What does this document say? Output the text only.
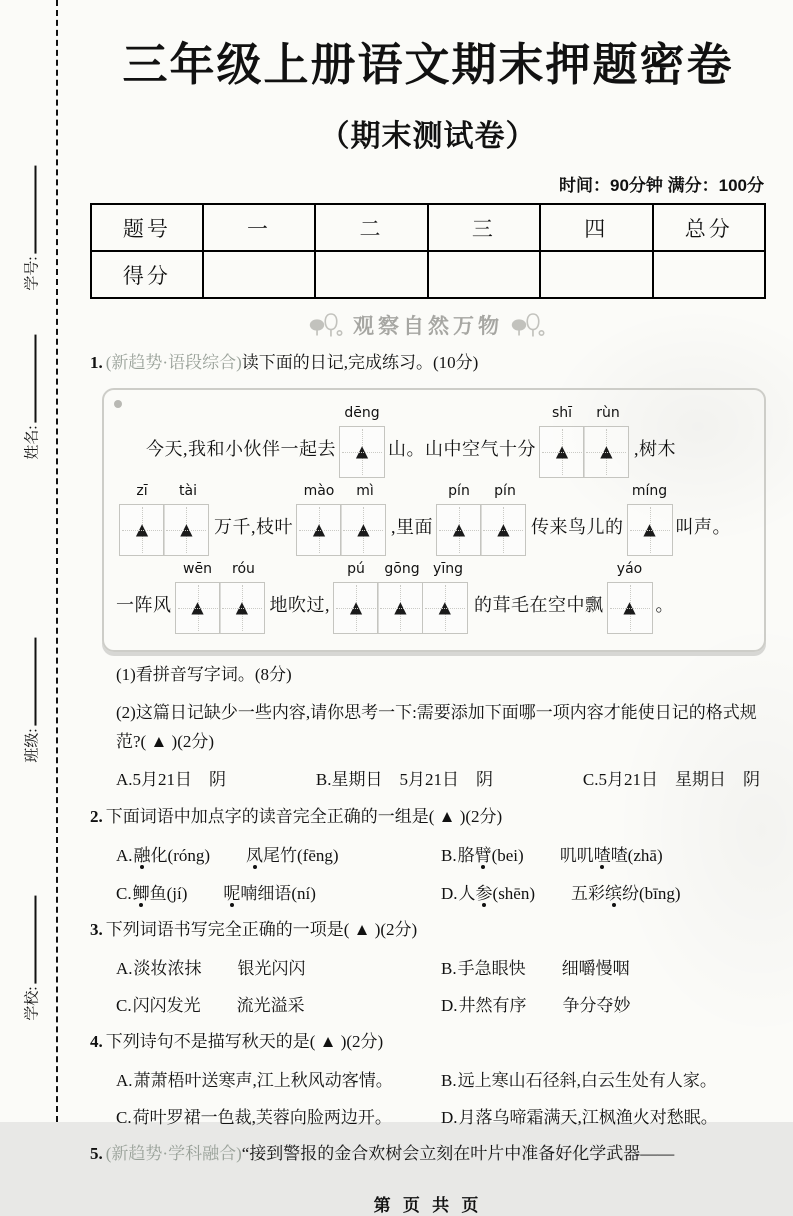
学号:
姓名:
班级:
学校:
三年级上册语文期末押题密卷
（期末测试卷）
时间：90分钟 满分：100分
题号	一	二	三	四	总分
得分					
观察自然万物
1. (新趋势·语段综合)读下面的日记,完成练习。(10分)
今天,我和小伙伴一起去
dēng
▲ 山。山中空气十分
shī	rùn
▲ ▲ ,树木
zī	tài
▲ ▲ 万千,枝叶
mào	mì
▲ ▲ ,里面
pín	pín
▲ ▲ 传来鸟儿的
míng
▲ 叫声。
一阵风
wēn	róu
▲ ▲ 地吹过,
pú	gōng yīng
▲ ▲ ▲ 的茸毛在空中飘
yáo
▲ 。
(1)看拼音写字词。(8分)
(2)这篇日记缺少一些内容,请你思考一下:需要添加下面哪一项内容才能使日记的格式规范?( ▲ )(2分)
A.5月21日　阴	B.星期日　5月21日　阴	C.5月21日　星期日　阴
2. 下面词语中加点字的读音完全正确的一组是( ▲ )(2分)
A. 融化(róng) 凤尾竹(fēng)	B. 胳臂(bei) 叽叽喳喳(zhā)
C. 鲫鱼(jí) 呢喃细语(ní)	D. 人参(shēn) 五彩缤纷(bīng)
3. 下列词语书写完全正确的一项是( ▲ )(2分)
A. 淡妆浓抹 银光闪闪	B. 手急眼快 细嚼慢咽
C. 闪闪发光 流光溢采	D. 井然有序 争分夺妙
4. 下列诗句不是描写秋天的是( ▲ )(2分)
A. 萧萧梧叶送寒声,江上秋风动客情。	B. 远上寒山石径斜,白云生处有人家。
C. 荷叶罗裙一色裁,芙蓉向脸两边开。	D. 月落乌啼霜满天,江枫渔火对愁眠。
5. (新趋势·学科融合)“接到警报的金合欢树会立刻在叶片中准备好化学武器——
第 页 共 页
